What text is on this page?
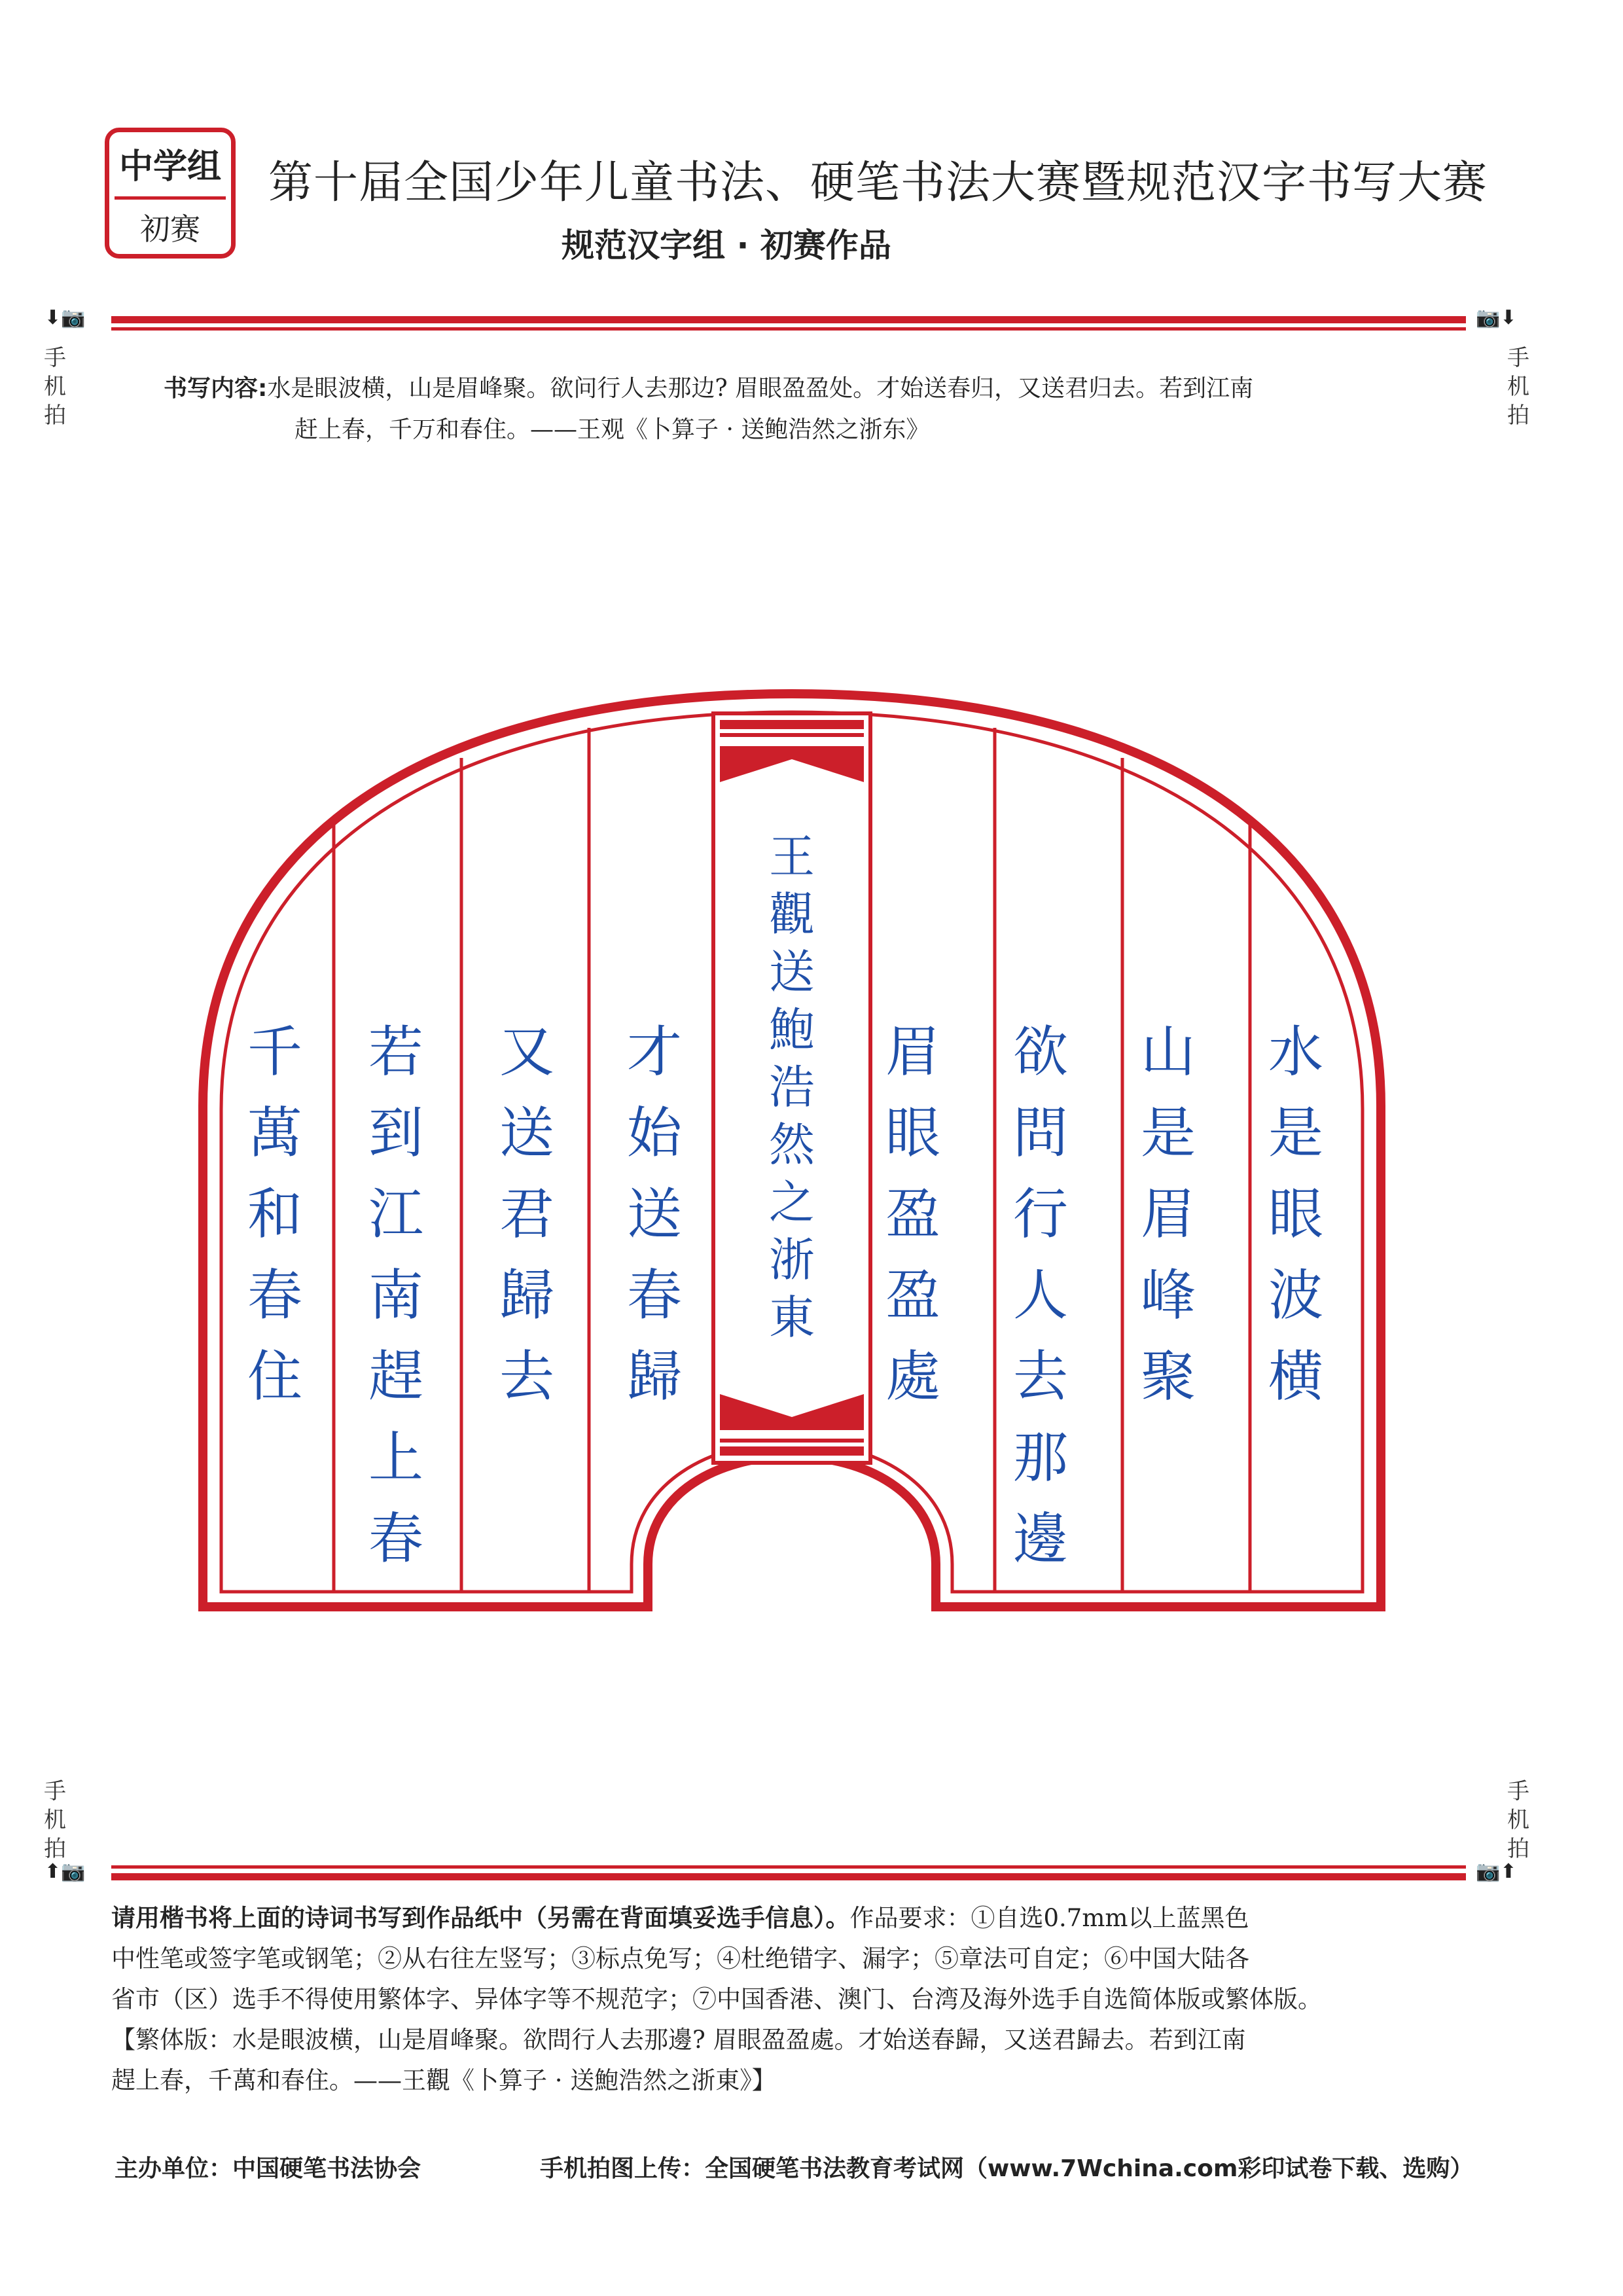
中学组
初赛
第十届全国少年儿童书法、硬笔书法大赛暨规范汉字书写大赛
规范汉字组 · 初赛作品
⬇📷	📷⬇
手机拍
手机拍
书写内容:水是眼波横，山是眉峰聚。欲问行人去那边? 眉眼盈盈处。才始送春归，又送君归去。若到江南
赶上春，千万和春住。——王观《卜算子 · 送鲍浩然之浙东》
水
是
眼
波
横
山
是
眉
峰
聚
欲
問
行
人
去
那
邊
眉
眼
盈
盈
處
王
觀
送
鮑
浩
然
之
浙
東
才
始
送
春
歸
又
送
君
歸
去
若
到
江
南
趕
上
春
千
萬
和
春
住
手机拍
手机拍
⬆📷	📷⬆
请用楷书将上面的诗词书写到作品纸中（另需在背面填妥选手信息）。作品要求：①自选0.7mm以上蓝黑色
中性笔或签字笔或钢笔；②从右往左竖写；③标点免写；④杜绝错字、漏字；⑤章法可自定；⑥中国大陆各
省市（区）选手不得使用繁体字、异体字等不规范字；⑦中国香港、澳门、台湾及海外选手自选简体版或繁体版。
【繁体版：水是眼波横，山是眉峰聚。欲問行人去那邊? 眉眼盈盈處。才始送春歸，又送君歸去。若到江南
趕上春，千萬和春住。——王觀《卜算子 · 送鮑浩然之浙東》】
主办单位：中国硬笔书法协会	手机拍图上传：全国硬笔书法教育考试网（www.7Wchina.com彩印试卷下载、选购）
